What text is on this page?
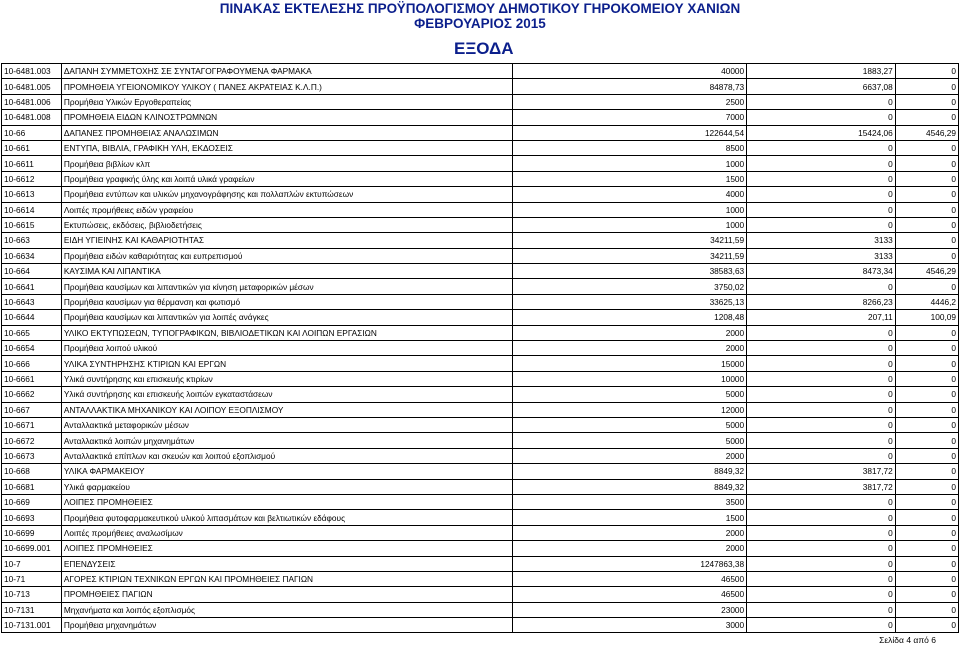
ΠΙΝΑΚΑΣ ΕΚΤΕΛΕΣΗΣ ΠΡΟΫΠΟΛΟΓΙΣΜΟΥ ΔΗΜΟΤΙΚΟΥ ΓΗΡΟΚΟΜΕΙΟΥ ΧΑΝΙΩΝ
ΦΕΒΡΟΥΑΡΙΟΣ 2015
ΕΞΟΔΑ
10-6481.003	ΔΑΠΑΝΗ ΣΥΜΜΕΤΟΧΗΣ ΣΕ ΣΥΝΤΑΓΟΓΡΑΦΟΥΜΕΝΑ ΦΑΡΜΑΚΑ	40000	1883,27	0
10-6481.005	ΠΡΟΜΗΘΕΙΑ ΥΓΕΙΟΝΟΜΙΚΟΥ ΥΛΙΚΟΥ ( ΠΑΝΕΣ ΑΚΡΑΤΕΙΑΣ Κ.Λ.Π.)	84878,73	6637,08	0
10-6481.006	Προμήθεια Υλικών Εργοθεραπείας	2500	0	0
10-6481.008	ΠΡΟΜΗΘΕΙΑ ΕΙΔΩΝ ΚΛΙΝΟΣΤΡΩΜΝΩΝ	7000	0	0
10-66	ΔΑΠΑΝΕΣ ΠΡΟΜΗΘΕΙΑΣ ΑΝΑΛΩΣΙΜΩΝ	122644,54	15424,06	4546,29
10-661	ΕΝΤΥΠΑ, ΒΙΒΛΙΑ, ΓΡΑΦΙΚΗ ΥΛΗ, ΕΚΔΟΣΕΙΣ	8500	0	0
10-6611	Προμήθεια βιβλίων κλπ	1000	0	0
10-6612	Προμήθεια γραφικής ύλης και λοιπά υλικά γραφείων	1500	0	0
10-6613	Προμήθεια εντύπων και υλικών μηχανογράφησης και πολλαπλών εκτυπώσεων	4000	0	0
10-6614	Λοιπές προμήθειες ειδών γραφείου	1000	0	0
10-6615	Εκτυπώσεις, εκδόσεις, βιβλιοδετήσεις	1000	0	0
10-663	ΕΙΔΗ ΥΓΙΕΙΝΗΣ ΚΑΙ ΚΑΘΑΡΙΟΤΗΤΑΣ	34211,59	3133	0
10-6634	Προμήθεια ειδών καθαριότητας και ευπρεπισμού	34211,59	3133	0
10-664	ΚΑΥΣΙΜΑ ΚΑΙ ΛΙΠΑΝΤΙΚΑ	38583,63	8473,34	4546,29
10-6641	Προμήθεια καυσίμων και λιπαντικών για κίνηση μεταφορικών μέσων	3750,02	0	0
10-6643	Προμήθεια καυσίμων για θέρμανση και φωτισμό	33625,13	8266,23	4446,2
10-6644	Προμήθεια καυσίμων και λιπαντικών για λοιπές ανάγκες	1208,48	207,11	100,09
10-665	ΥΛΙΚΟ ΕΚΤΥΠΩΣΕΩΝ, ΤΥΠΟΓΡΑΦΙΚΩΝ, ΒΙΒΛΙΟΔΕΤΙΚΩΝ ΚΑΙ ΛΟΙΠΩΝ ΕΡΓΑΣΙΩΝ	2000	0	0
10-6654	Προμήθεια λοιπού υλικού	2000	0	0
10-666	ΥΛΙΚΑ ΣΥΝΤΗΡΗΣΗΣ ΚΤΙΡΙΩΝ ΚΑΙ ΕΡΓΩΝ	15000	0	0
10-6661	Υλικά συντήρησης και επισκευής κτιρίων	10000	0	0
10-6662	Υλικά συντήρησης και επισκευής λοιπών εγκαταστάσεων	5000	0	0
10-667	ΑΝΤΑΛΛΑΚΤΙΚΑ ΜΗΧΑΝΙΚΟΥ ΚΑΙ ΛΟΙΠΟΥ ΕΞΟΠΛΙΣΜΟΥ	12000	0	0
10-6671	Ανταλλακτικά μεταφορικών μέσων	5000	0	0
10-6672	Ανταλλακτικά λοιπών μηχανημάτων	5000	0	0
10-6673	Ανταλλακτικά επίπλων και σκευών και λοιπού εξοπλισμού	2000	0	0
10-668	ΥΛΙΚΑ ΦΑΡΜΑΚΕΙΟΥ	8849,32	3817,72	0
10-6681	Υλικά φαρμακείου	8849,32	3817,72	0
10-669	ΛΟΙΠΕΣ ΠΡΟΜΗΘΕΙΕΣ	3500	0	0
10-6693	Προμήθεια φυτοφαρμακευτικού υλικού λιπασμάτων και βελτιωτικών εδάφους	1500	0	0
10-6699	Λοιπές προμήθειες αναλωσίμων	2000	0	0
10-6699.001	ΛΟΙΠΕΣ ΠΡΟΜΗΘΕΙΕΣ	2000	0	0
10-7	ΕΠΕΝΔΥΣΕΙΣ	1247863,38	0	0
10-71	ΑΓΟΡΕΣ ΚΤΙΡΙΩΝ ΤΕΧΝΙΚΩΝ ΕΡΓΩΝ ΚΑΙ ΠΡΟΜΗΘΕΙΕΣ ΠΑΓΙΩΝ	46500	0	0
10-713	ΠΡΟΜΗΘΕΙΕΣ ΠΑΓΙΩΝ	46500	0	0
10-7131	Μηχανήματα και λοιπός εξοπλισμός	23000	0	0
10-7131.001	Προμήθεια μηχανημάτων	3000	0	0
Σελίδα 4 από 6
